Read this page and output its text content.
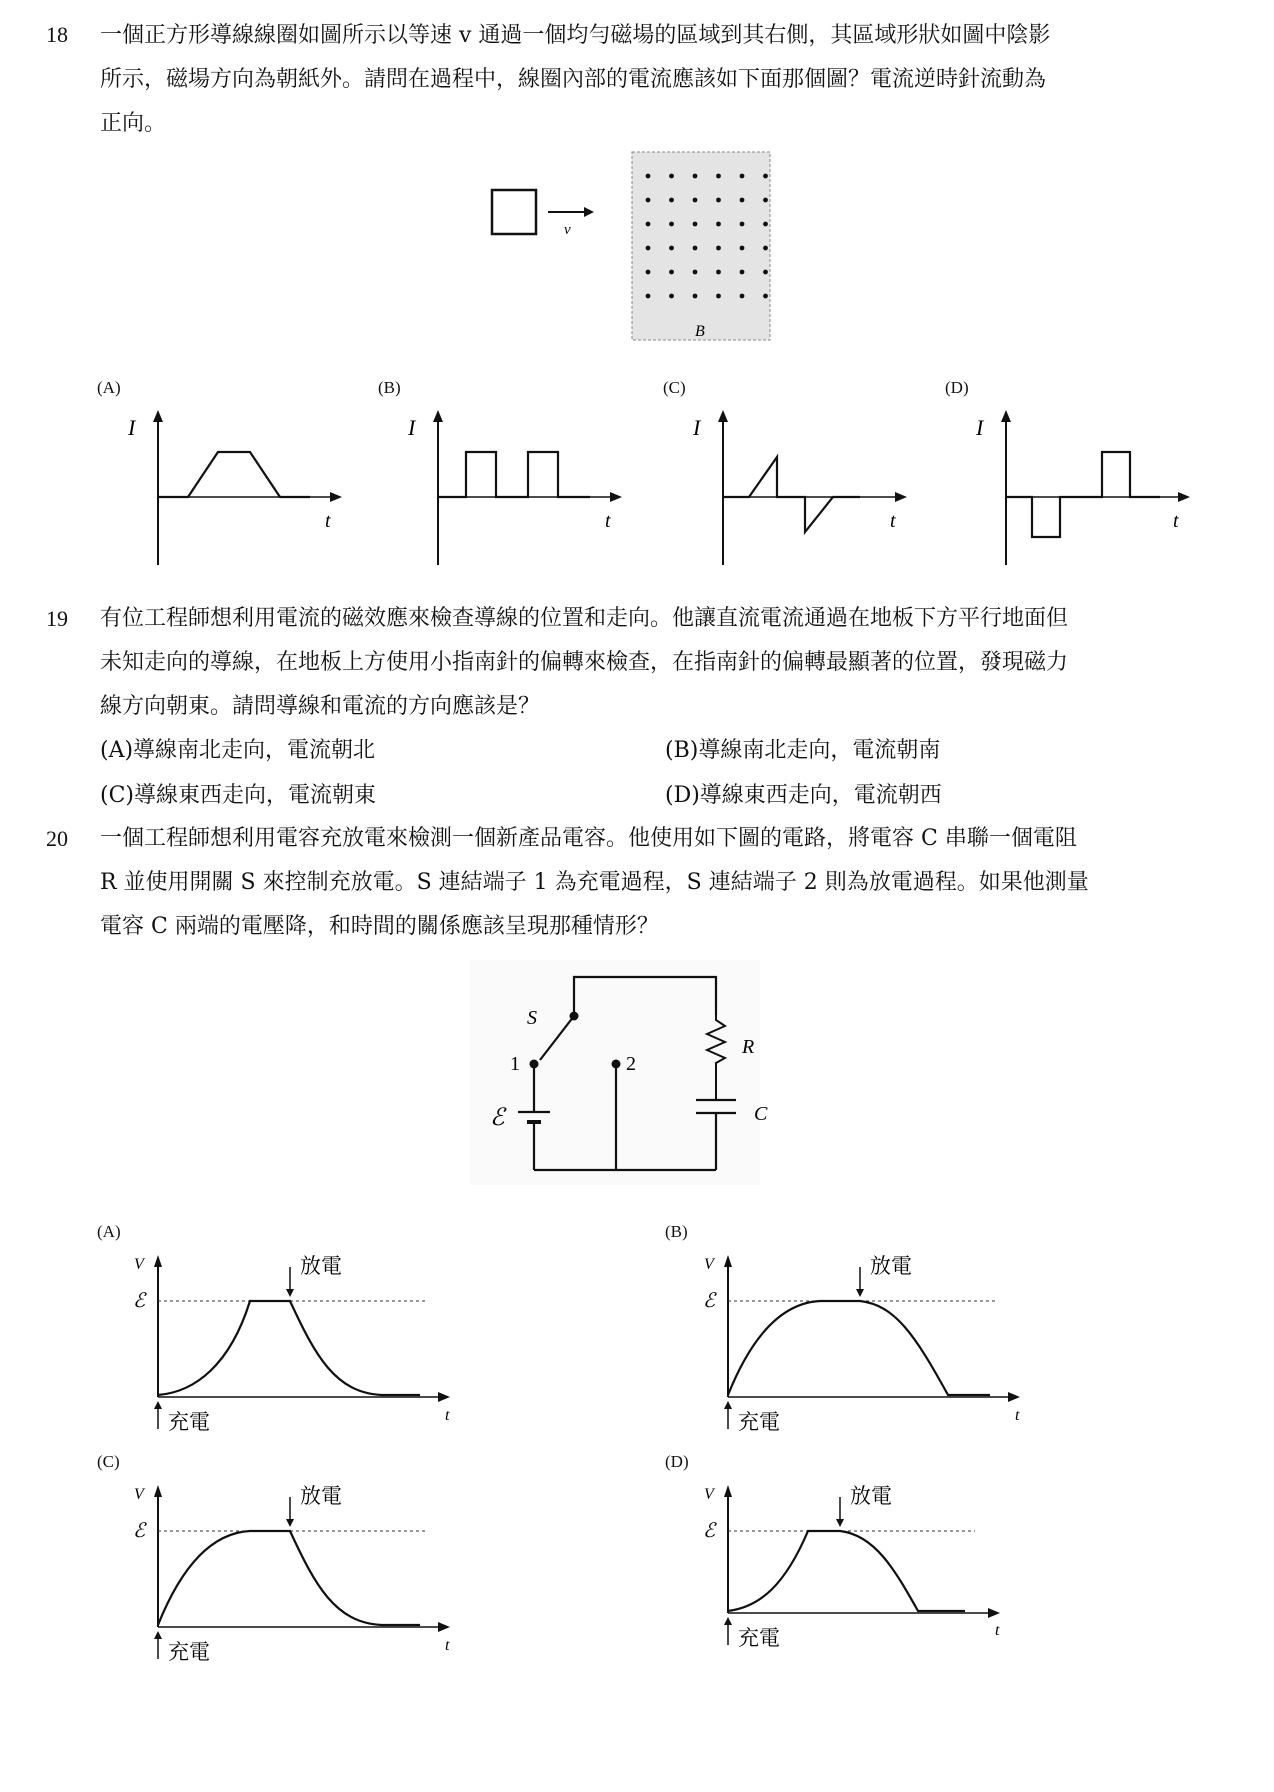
18 一個正方形導線線圈如圖所示以等速 v 通過一個均勻磁場的區域到其右側，其區域形狀如圖中陰影
所示，磁場方向為朝紙外。請問在過程中，線圈內部的電流應該如下面那個圖？電流逆時針流動為
正向。
v
B
(A)	(B)	(C)	(D)
I
t
I
t
I
t
I
t
19 有位工程師想利用電流的磁效應來檢查導線的位置和走向。他讓直流電流通過在地板下方平行地面但
未知走向的導線，在地板上方使用小指南針的偏轉來檢查，在指南針的偏轉最顯著的位置，發現磁力
線方向朝東。請問導線和電流的方向應該是？
(A)導線南北走向，電流朝北	(B)導線南北走向，電流朝南
(C)導線東西走向，電流朝東	(D)導線東西走向，電流朝西
20 一個工程師想利用電容充放電來檢測一個新產品電容。他使用如下圖的電路，將電容 C 串聯一個電阻
R 並使用開關 S 來控制充放電。S 連結端子 1 為充電過程，S 連結端子 2 則為放電過程。如果他測量
電容 C 兩端的電壓降，和時間的關係應該呈現那種情形？
S
1
ℰ
2
R
C
(A)	(B)
(C)	(D)
V
t
ℰ
放電
充電
V
t
ℰ
放電
充電
V
t
ℰ
放電
充電
V
t
ℰ
放電
充電
